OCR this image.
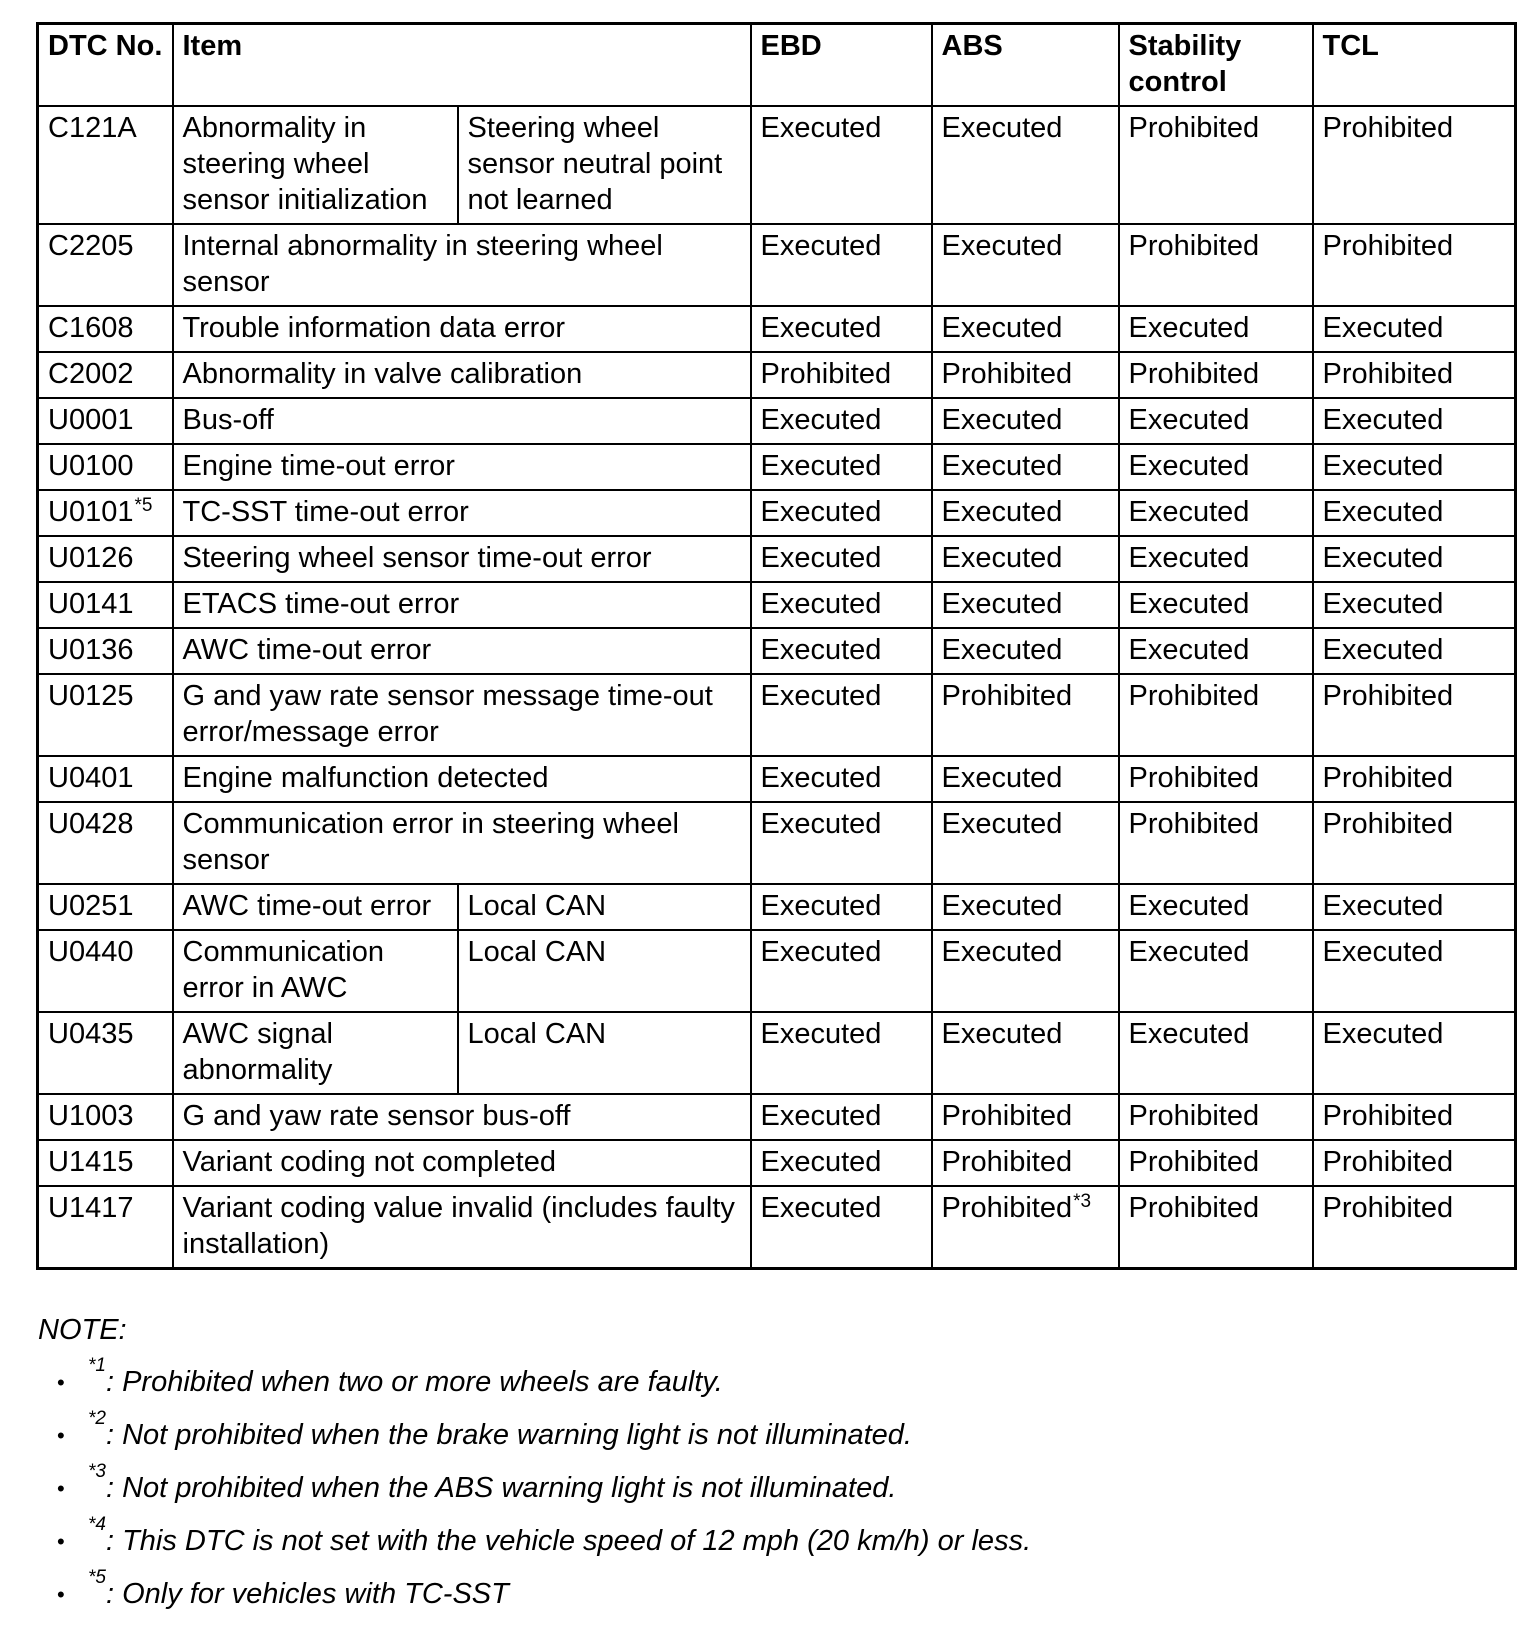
DTC No.	Item		EBD	ABS	Stability control	TCL
C121A	Abnormality in steering wheel sensor initialization	Steering wheel sensor neutral point not learned	Executed	Executed	Prohibited	Prohibited
C2205	Internal abnormality in steering wheel sensor		Executed	Executed	Prohibited	Prohibited
C1608	Trouble information data error		Executed	Executed	Executed	Executed
C2002	Abnormality in valve calibration		Prohibited	Prohibited	Prohibited	Prohibited
U0001	Bus-off		Executed	Executed	Executed	Executed
U0100	Engine time-out error		Executed	Executed	Executed	Executed
U0101$^{*5}$	TC-SST time-out error		Executed	Executed	Executed	Executed
U0126	Steering wheel sensor time-out error		Executed	Executed	Executed	Executed
U0141	ETACS time-out error		Executed	Executed	Executed	Executed
U0136	AWC time-out error		Executed	Executed	Executed	Executed
U0125	G and yaw rate sensor message time-out error/message error		Executed	Prohibited	Prohibited	Prohibited
U0401	Engine malfunction detected		Executed	Executed	Prohibited	Prohibited
U0428	Communication error in steering wheel sensor		Executed	Executed	Prohibited	Prohibited
U0251	AWC time-out error	Local CAN	Executed	Executed	Executed	Executed
U0440	Communication error in AWC	Local CAN	Executed	Executed	Executed	Executed
U0435	AWC signal abnormality	Local CAN	Executed	Executed	Executed	Executed
U1003	G and yaw rate sensor bus-off		Executed	Prohibited	Prohibited	Prohibited
U1415	Variant coding not completed		Executed	Prohibited	Prohibited	Prohibited
U1417	Variant coding value invalid (includes faulty installation)		Executed	Prohibited$^{*3}$	Prohibited	Prohibited
NOTE:
•
$^{*1}$: Prohibited when two or more wheels are faulty.
•
$^{*2}$: Not prohibited when the brake warning light is not illuminated.
•
$^{*3}$: Not prohibited when the ABS warning light is not illuminated.
•
$^{*4}$: This DTC is not set with the vehicle speed of 12 mph (20 km/h) or less.
•
$^{*5}$: Only for vehicles with TC-SST
